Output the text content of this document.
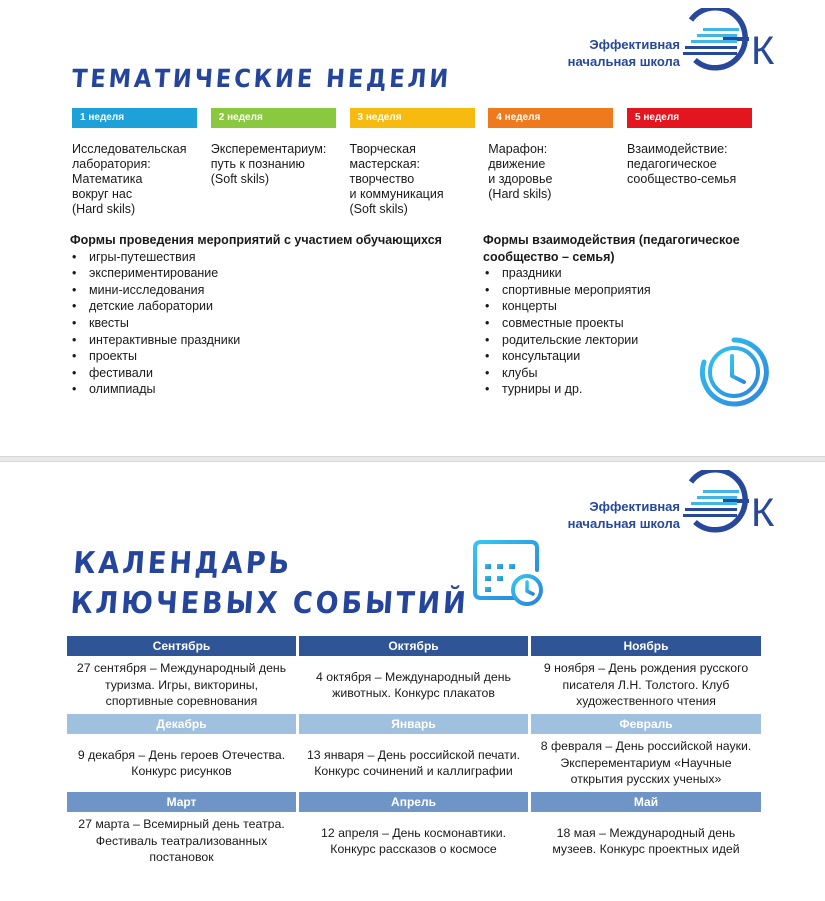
Эффективная
начальная школа К
ТЕМАТИЧЕСКИЕ НЕДЕЛИ
1 неделя
Исследовательская
лаборатория:
Математика
вокруг нас
(Hard skils)
2 неделя
Эксперементариум:
путь к познанию
(Soft skils)
3 неделя
Творческая
мастерская:
творчество
и коммуникация
(Soft skils)
4 неделя
Марафон:
движение
и здоровье
(Hard skils)
5 неделя
Взаимодействие:
педагогическое
сообщество-семья
Формы проведения мероприятий с участием обучающихся
• игры-путешествия
• экспериментирование
• мини-исследования
• детские лаборатории
• квесты
• интерактивные праздники
• проекты
• фестивали
• олимпиады
Формы взаимодействия (педагогическое сообщество – семья)
• праздники
• спортивные мероприятия
• концерты
• совместные проекты
• родительские лектории
• консультации
• клубы
• турниры и др.
Эффективная
начальная школа К
КАЛЕНДАРЬ
КЛЮЧЕВЫХ СОБЫТИЙ
Сентябрь
27 сентября – Международный день туризма. Игры, викторины, спортивные соревнования
Октябрь
4 октября – Международный день животных. Конкурс плакатов
Ноябрь
9 ноября – День рождения русского писателя Л.Н. Толстого. Клуб художественного чтения
Декабрь
9 декабря – День героев Отечества. Конкурс рисунков
Январь
13 января – День российской печати. Конкурс сочинений и каллиграфии
Февраль
8 февраля – День российской науки. Эксперементариум «Научные открытия русских ученых»
Март
27 марта – Всемирный день театра. Фестиваль театрализованных постановок
Апрель
12 апреля – День космонавтики. Конкурс рассказов о космосе
Май
18 мая – Международный день музеев. Конкурс проектных идей
